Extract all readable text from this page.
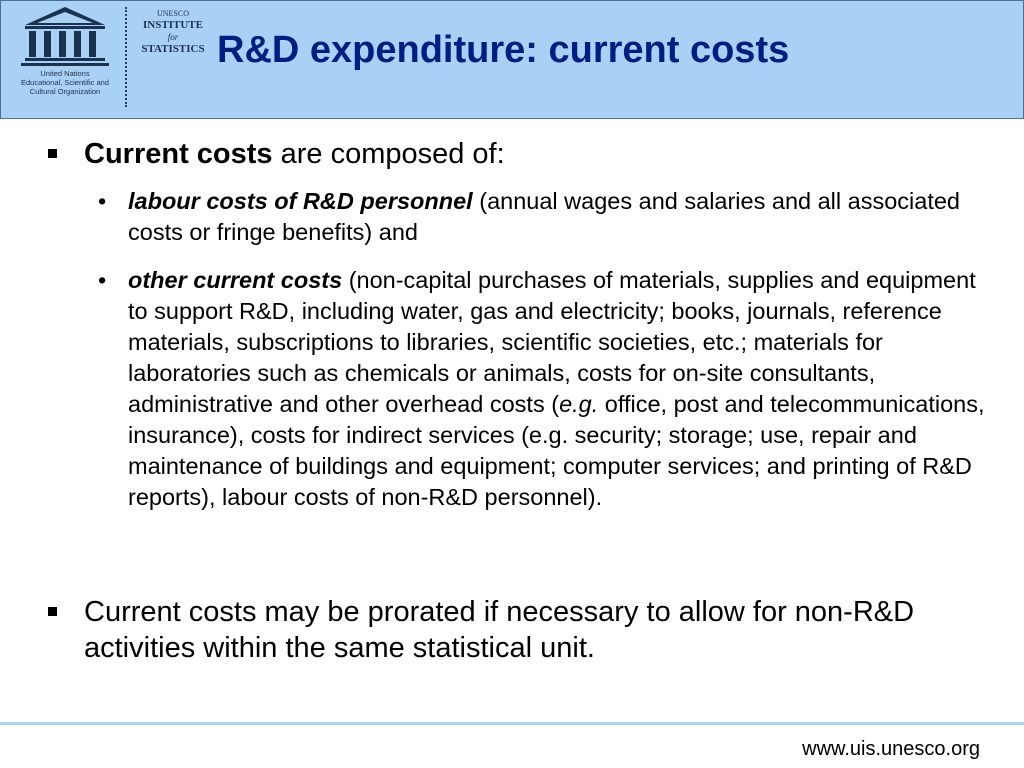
United Nations
Educational, Scientific and
Cultural Organization
UNESCO
INSTITUTE
for
STATISTICS R&D expenditure: current costs
Current costs are composed of:
• labour costs of R&D personnel (annual wages and salaries and all associated costs or fringe benefits) and
• other current costs (non-capital purchases of materials, supplies and equipment to support R&D, including water, gas and electricity; books, journals, reference materials, subscriptions to libraries, scientific societies, etc.; materials for laboratories such as chemicals or animals, costs for on-site consultants, administrative and other overhead costs (e.g. office, post and telecommunications, insurance), costs for indirect services (e.g. security; storage; use, repair and maintenance of buildings and equipment; computer services; and printing of R&D reports), labour costs of non-R&D personnel).
Current costs may be prorated if necessary to allow for non-R&D activities within the same statistical unit.
www.uis.unesco.org
